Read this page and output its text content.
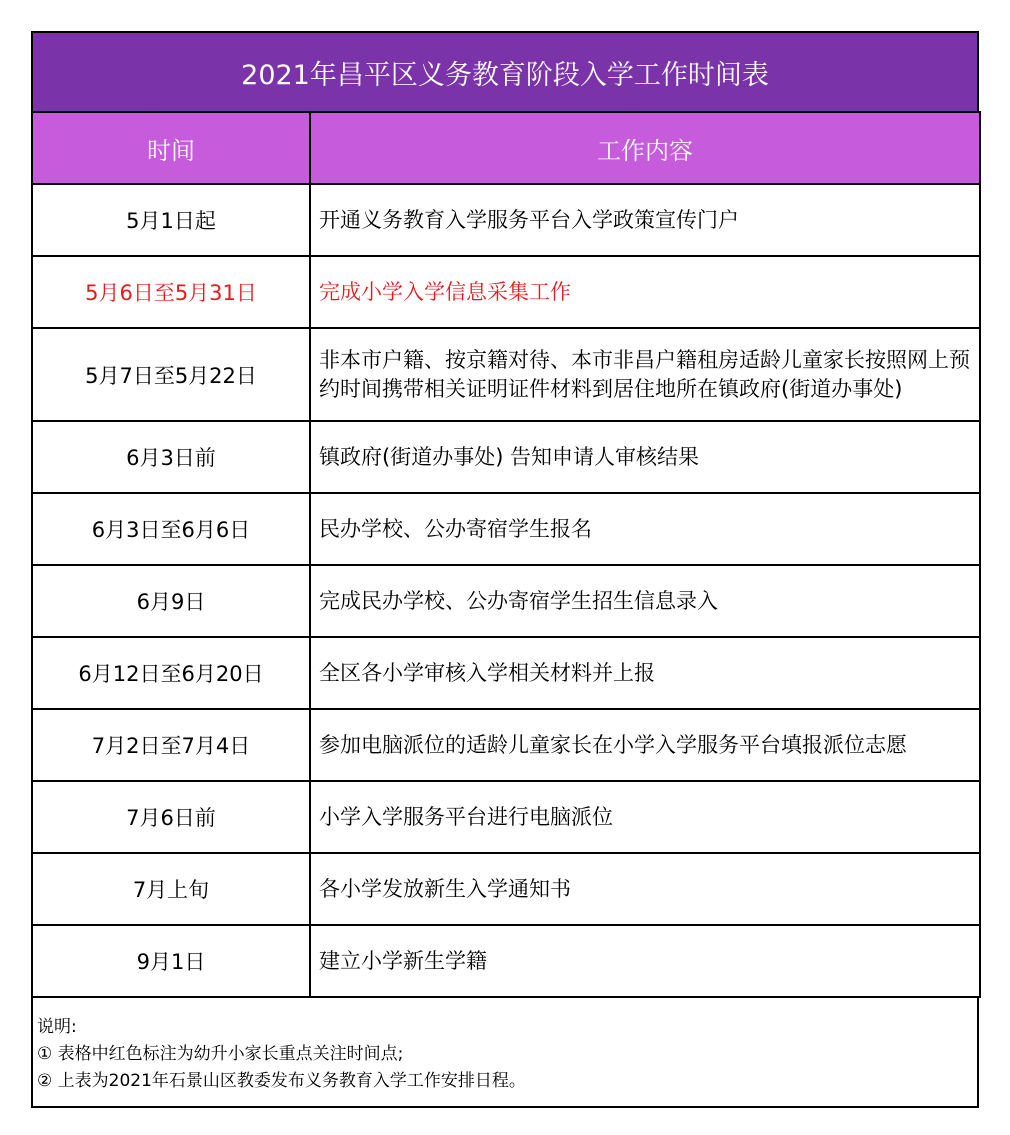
2021年昌平区义务教育阶段入学工作时间表
时间	工作内容
5月1日起	开通义务教育入学服务平台入学政策宣传门户
5月6日至5月31日	完成小学入学信息采集工作
5月7日至5月22日	非本市户籍、按京籍对待、本市非昌户籍租房适龄儿童家长按照网上预约时间携带相关证明证件材料到居住地所在镇政府(街道办事处)
6月3日前	镇政府(街道办事处) 告知申请人审核结果
6月3日至6月6日	民办学校、公办寄宿学生报名
6月9日	完成民办学校、公办寄宿学生招生信息录入
6月12日至6月20日	全区各小学审核入学相关材料并上报
7月2日至7月4日	参加电脑派位的适龄儿童家长在小学入学服务平台填报派位志愿
7月6日前	小学入学服务平台进行电脑派位
7月上旬	各小学发放新生入学通知书
9月1日	建立小学新生学籍
说明:
① 表格中红色标注为幼升小家长重点关注时间点;
② 上表为2021年石景山区教委发布义务教育入学工作安排日程。
